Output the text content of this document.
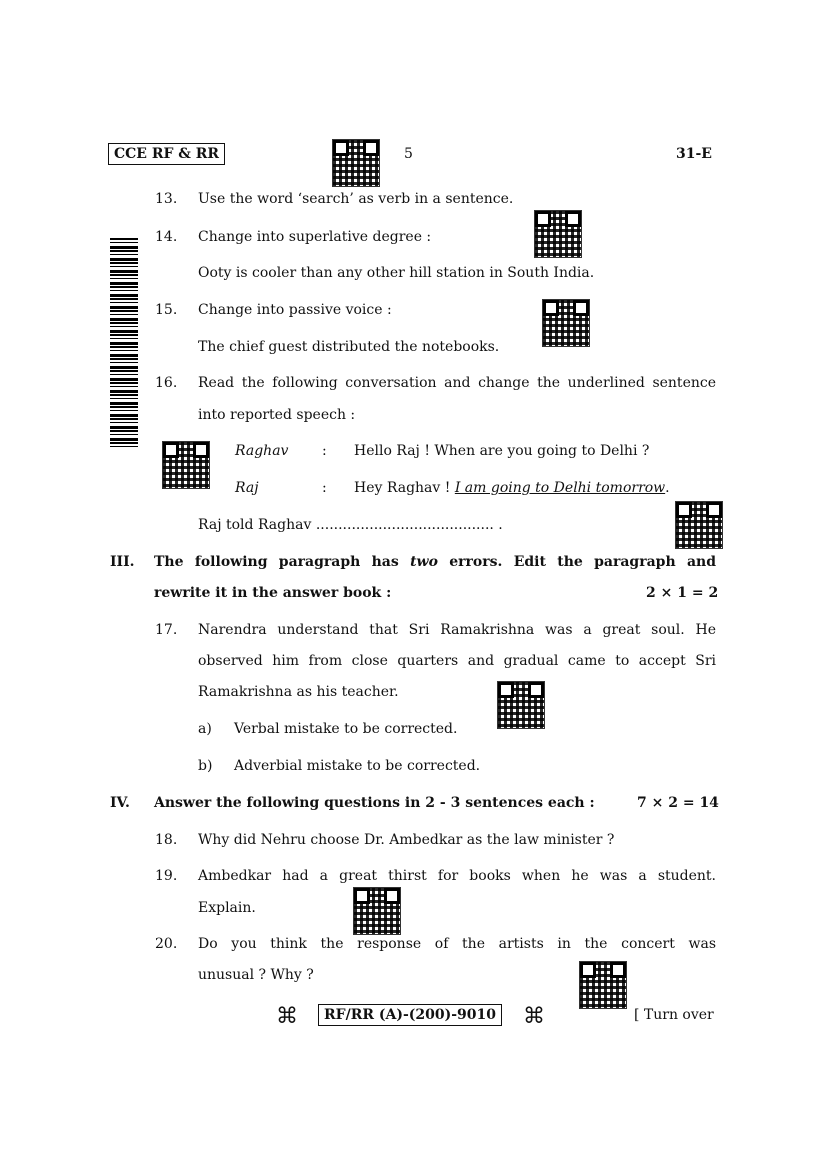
CCE RF & RR	5	31-E
13. Use the word ‘search’ as verb in a sentence.
14. Change into superlative degree :
Ooty is cooler than any other hill station in South India.
15. Change into passive voice :
The chief guest distributed the notebooks.
16. Read the following conversation and change the underlined sentence
into reported speech :
Raghav : Hello Raj ! When are you going to Delhi ?
Raj	: Hey Raghav ! I am going to Delhi tomorrow.
Raj told Raghav ........................................ .
III. The following paragraph has two errors. Edit the paragraph and
rewrite it in the answer book :	2 × 1 = 2
17. Narendra understand that Sri Ramakrishna was a great soul. He
observed him from close quarters and gradual came to accept Sri
Ramakrishna as his teacher.
a) Verbal mistake to be corrected.
b) Adverbial mistake to be corrected.
IV. Answer the following questions in 2 - 3 sentences each :	7 × 2 = 14
18. Why did Nehru choose Dr. Ambedkar as the law minister ?
19. Ambedkar had a great thirst for books when he was a student.
Explain.
20. Do you think the response of the artists in the concert was
unusual ? Why ?
⌘	RF/RR (A)-(200)-9010 ⌘	[ Turn over
